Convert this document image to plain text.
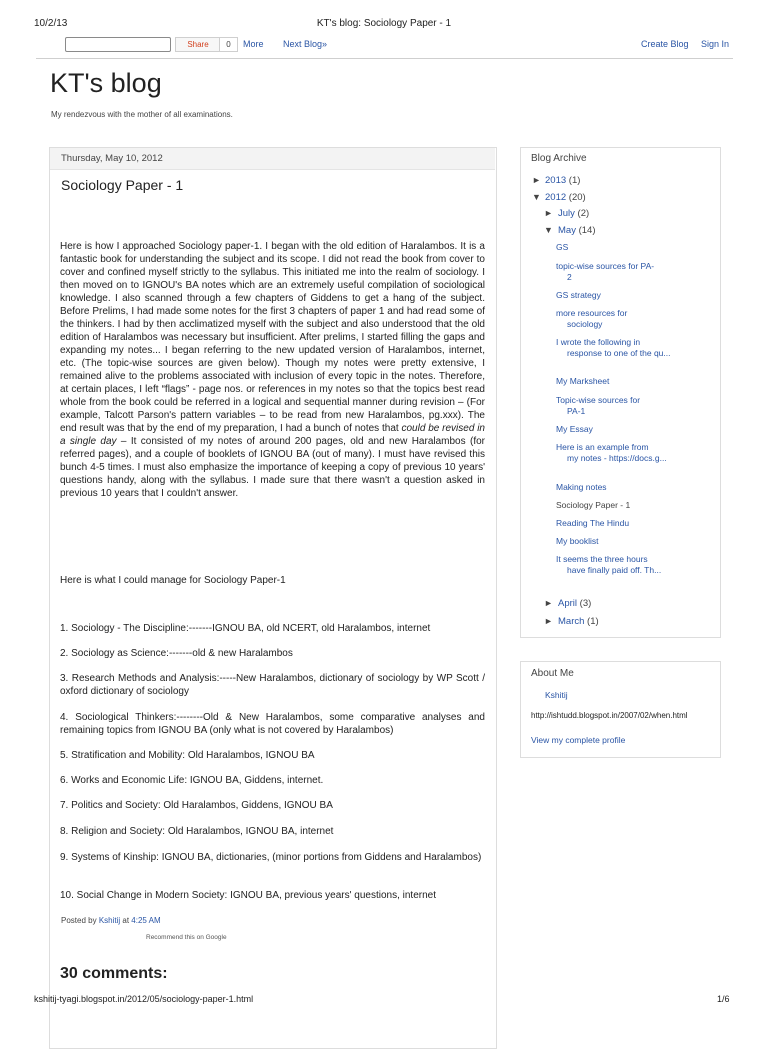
10/2/13	KT's blog: Sociology Paper - 1
Share	0	More Next Blog»	Create Blog Sign In
KT's blog
My rendezvous with the mother of all examinations.
Thursday, May 10, 2012
Sociology Paper - 1

Here is how I approached Sociology paper-1. I began with the old edition of Haralambos. It is a fantastic book for understanding the subject and its scope. I did not read the book from cover to cover and confined myself strictly to the syllabus. This initiated me into the realm of sociology. I then moved on to IGNOU's BA notes which are an extremely useful compilation of sociological knowledge. I also scanned through a few chapters of Giddens to get a hang of the subject. Before Prelims, I had made some notes for the first 3 chapters of paper 1 and had read some of the thinkers. I had by then acclimatized myself with the subject and also understood that the old edition of Haralambos was necessary but insufficient. After prelims, I started filling the gaps and expanding my notes... I began referring to the new updated version of Haralambos, internet, etc. (The topic-wise sources are given below). Though my notes were pretty extensive, I remained alive to the problems associated with inclusion of every topic in the notes. Therefore, at certain places, I left “flags” - page nos. or references in my notes so that the topics best read whole from the book could be referred in a logical and sequential manner during revision – (For example, Talcott Parson's pattern variables – to be read from new Haralambos, pg.xxx). The end result was that by the end of my preparation, I had a bunch of notes that could be revised in a single day – It consisted of my notes of around 200 pages, old and new Haralambos (for referred pages), and a couple of booklets of IGNOU BA (out of many). I must have revised this bunch 4-5 times. I must also emphasize the importance of keeping a copy of previous 10 years' questions handy, along with the syllabus. I made sure that there wasn't a question asked in previous 10 years that I couldn't answer.

Here is what I could manage for Sociology Paper-1
1. Sociology - The Discipline:-------IGNOU BA, old NCERT, old Haralambos, internet
2. Sociology as Science:-------old & new Haralambos
3. Research Methods and Analysis:-----New Haralambos, dictionary of sociology by WP Scott / oxford dictionary of sociology
4. Sociological Thinkers:--------Old & New Haralambos, some comparative analyses and remaining topics from IGNOU BA (only what is not covered by Haralambos)
5. Stratification and Mobility: Old Haralambos, IGNOU BA
6. Works and Economic Life: IGNOU BA, Giddens, internet.
7. Politics and Society: Old Haralambos, Giddens, IGNOU BA
8. Religion and Society: Old Haralambos, IGNOU BA, internet
9. Systems of Kinship: IGNOU BA, dictionaries, (minor portions from Giddens and Haralambos)
10. Social Change in Modern Society: IGNOU BA, previous years' questions, internet
Posted by Kshitij at 4:25 AM
Recommend this on Google
30 comments:
Blog Archive
► 2013 (1)
▼ 2012 (20)
► July (2)
▼ May (14)
GS
topic-wise sources for PA-
2
GS strategy
more resources for
sociology
I wrote the following in
response to one of the qu...
My Marksheet
Topic-wise sources for
PA-1
My Essay
Here is an example from
my notes - https://docs.g...
Making notes
Sociology Paper - 1
Reading The Hindu
My booklist
It seems the three hours
have finally paid off. Th...
► April (3)
► March (1)
About Me
Kshitij
http://ishtudd.blogspot.in/2007/02/when.html
View my complete profile
kshitij-tyagi.blogspot.in/2012/05/sociology-paper-1.html	1/6
